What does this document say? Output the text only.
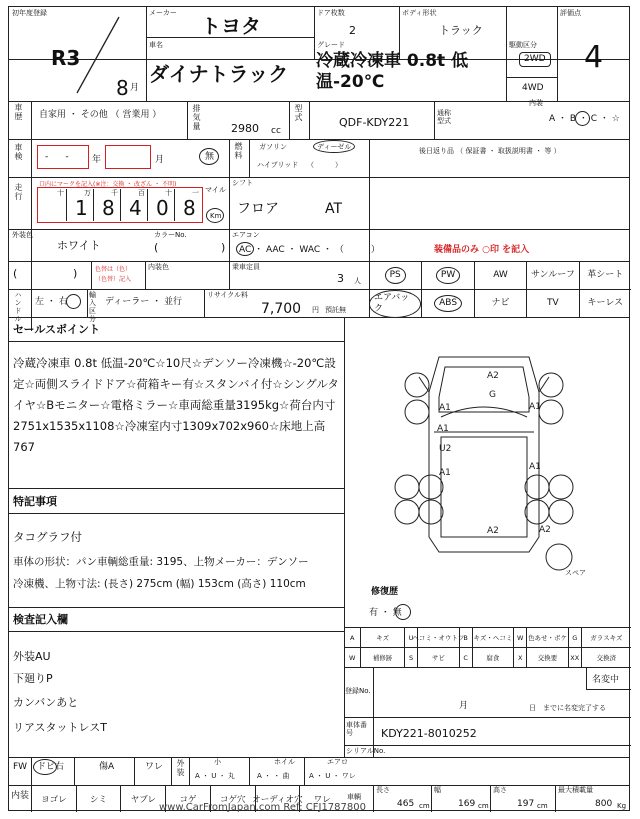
初年度登録
R3
8 月
メーカー
トヨタ
車名
ダイナトラック
ドア枚数
2
ボディ形状
トラック
グレード
冷蔵冷凍車 0.8t 低温-20℃
駆動区分
2WD
4WD
評価点
4
車歴 自家用 ・ その他 （ 営業用 ）	排気量	2980 cc
型式
QDF-KDY221
通称型式
内装
A ・ B ・ C ・ ☆
車検 -      -	年	月	無 燃料 ガソリン	ディーゼル
ハイブリッド （　　　）
後日返り品 （ 保証書 ・ 取扱説明書 ・ 等 ）
走行	口内にマークを記入(※注：交換 ・ 改ざん ・ 不明)
十	万
1
千
8
百
4
十
0
一
8
マイル
Km
シフト
フロア	AT
外装色
ホワイト
カラーNo.
(	)
エアコン
AC ・ AAC ・ WAC ・ （　　　）	装備品のみ ○印 を記入
(	)	色替は（色）
（色替）記入
内装色	乗車定員
3 人
PS	PW	AW	サンルーフ 革シート
エアバック
ABS	ナビ	TV	キーレス
ハンドル 左 ・ 右
輸入区分
ディーラー ・ 並行
リサイクル料
7,700 円 預託無
セールスポイント
冷蔵冷凍車 0.8t 低温-20℃☆10尺☆デンソー冷凍機☆-20℃設定☆両側スライドドア☆荷箱キー有☆スタンバイ付☆シングルタイヤ☆Bモニター☆電格ミラー☆車両総重量3195kg☆荷台内寸2751x1535x1108☆冷凍室内寸1309x702x960☆床地上高767
特記事項
タコグラフ付
車体の形状：パン車輌総重量: 3195、上物メーカー：デンソー
冷凍機、上物寸法: (長さ) 275cm (幅) 153cm (高さ) 110cm
検査記入欄
外装AU
下廻りP
カンバンあと
リアスタットレスT
A2
G
A1	A1
A1
U2
A1
A1
A2	A2
スペア
修復歴
有 ・ 無
A	キズ	U
ヘコミ・オウトツ B キズ・ヘコミ W 色あせ・ボケ G	ガラスキズ
W	補修跡	S	サビ	C	腐食	X	交換要	XX	交換済
登録No.
名変中
月	日　までに名変完了する
車体番号	KDY221-8010252
シリアルNo.
FW ドビ右	傷A	ワレ 外装	小
A ・ U ・ 丸
ホイル
A ・ ・ 曲
エアロ
A ・ U ・ ワレ
内装	ヨゴレ	シミ	ヤブレ	コゲ	コゲ穴 オーディオ穴	ワレ	車輌
長さ
465 cm
幅
169 cm
高さ
197 cm
最大積載量
800 Kg
www.CarFromJapan.com Ref: CFJ1787800
